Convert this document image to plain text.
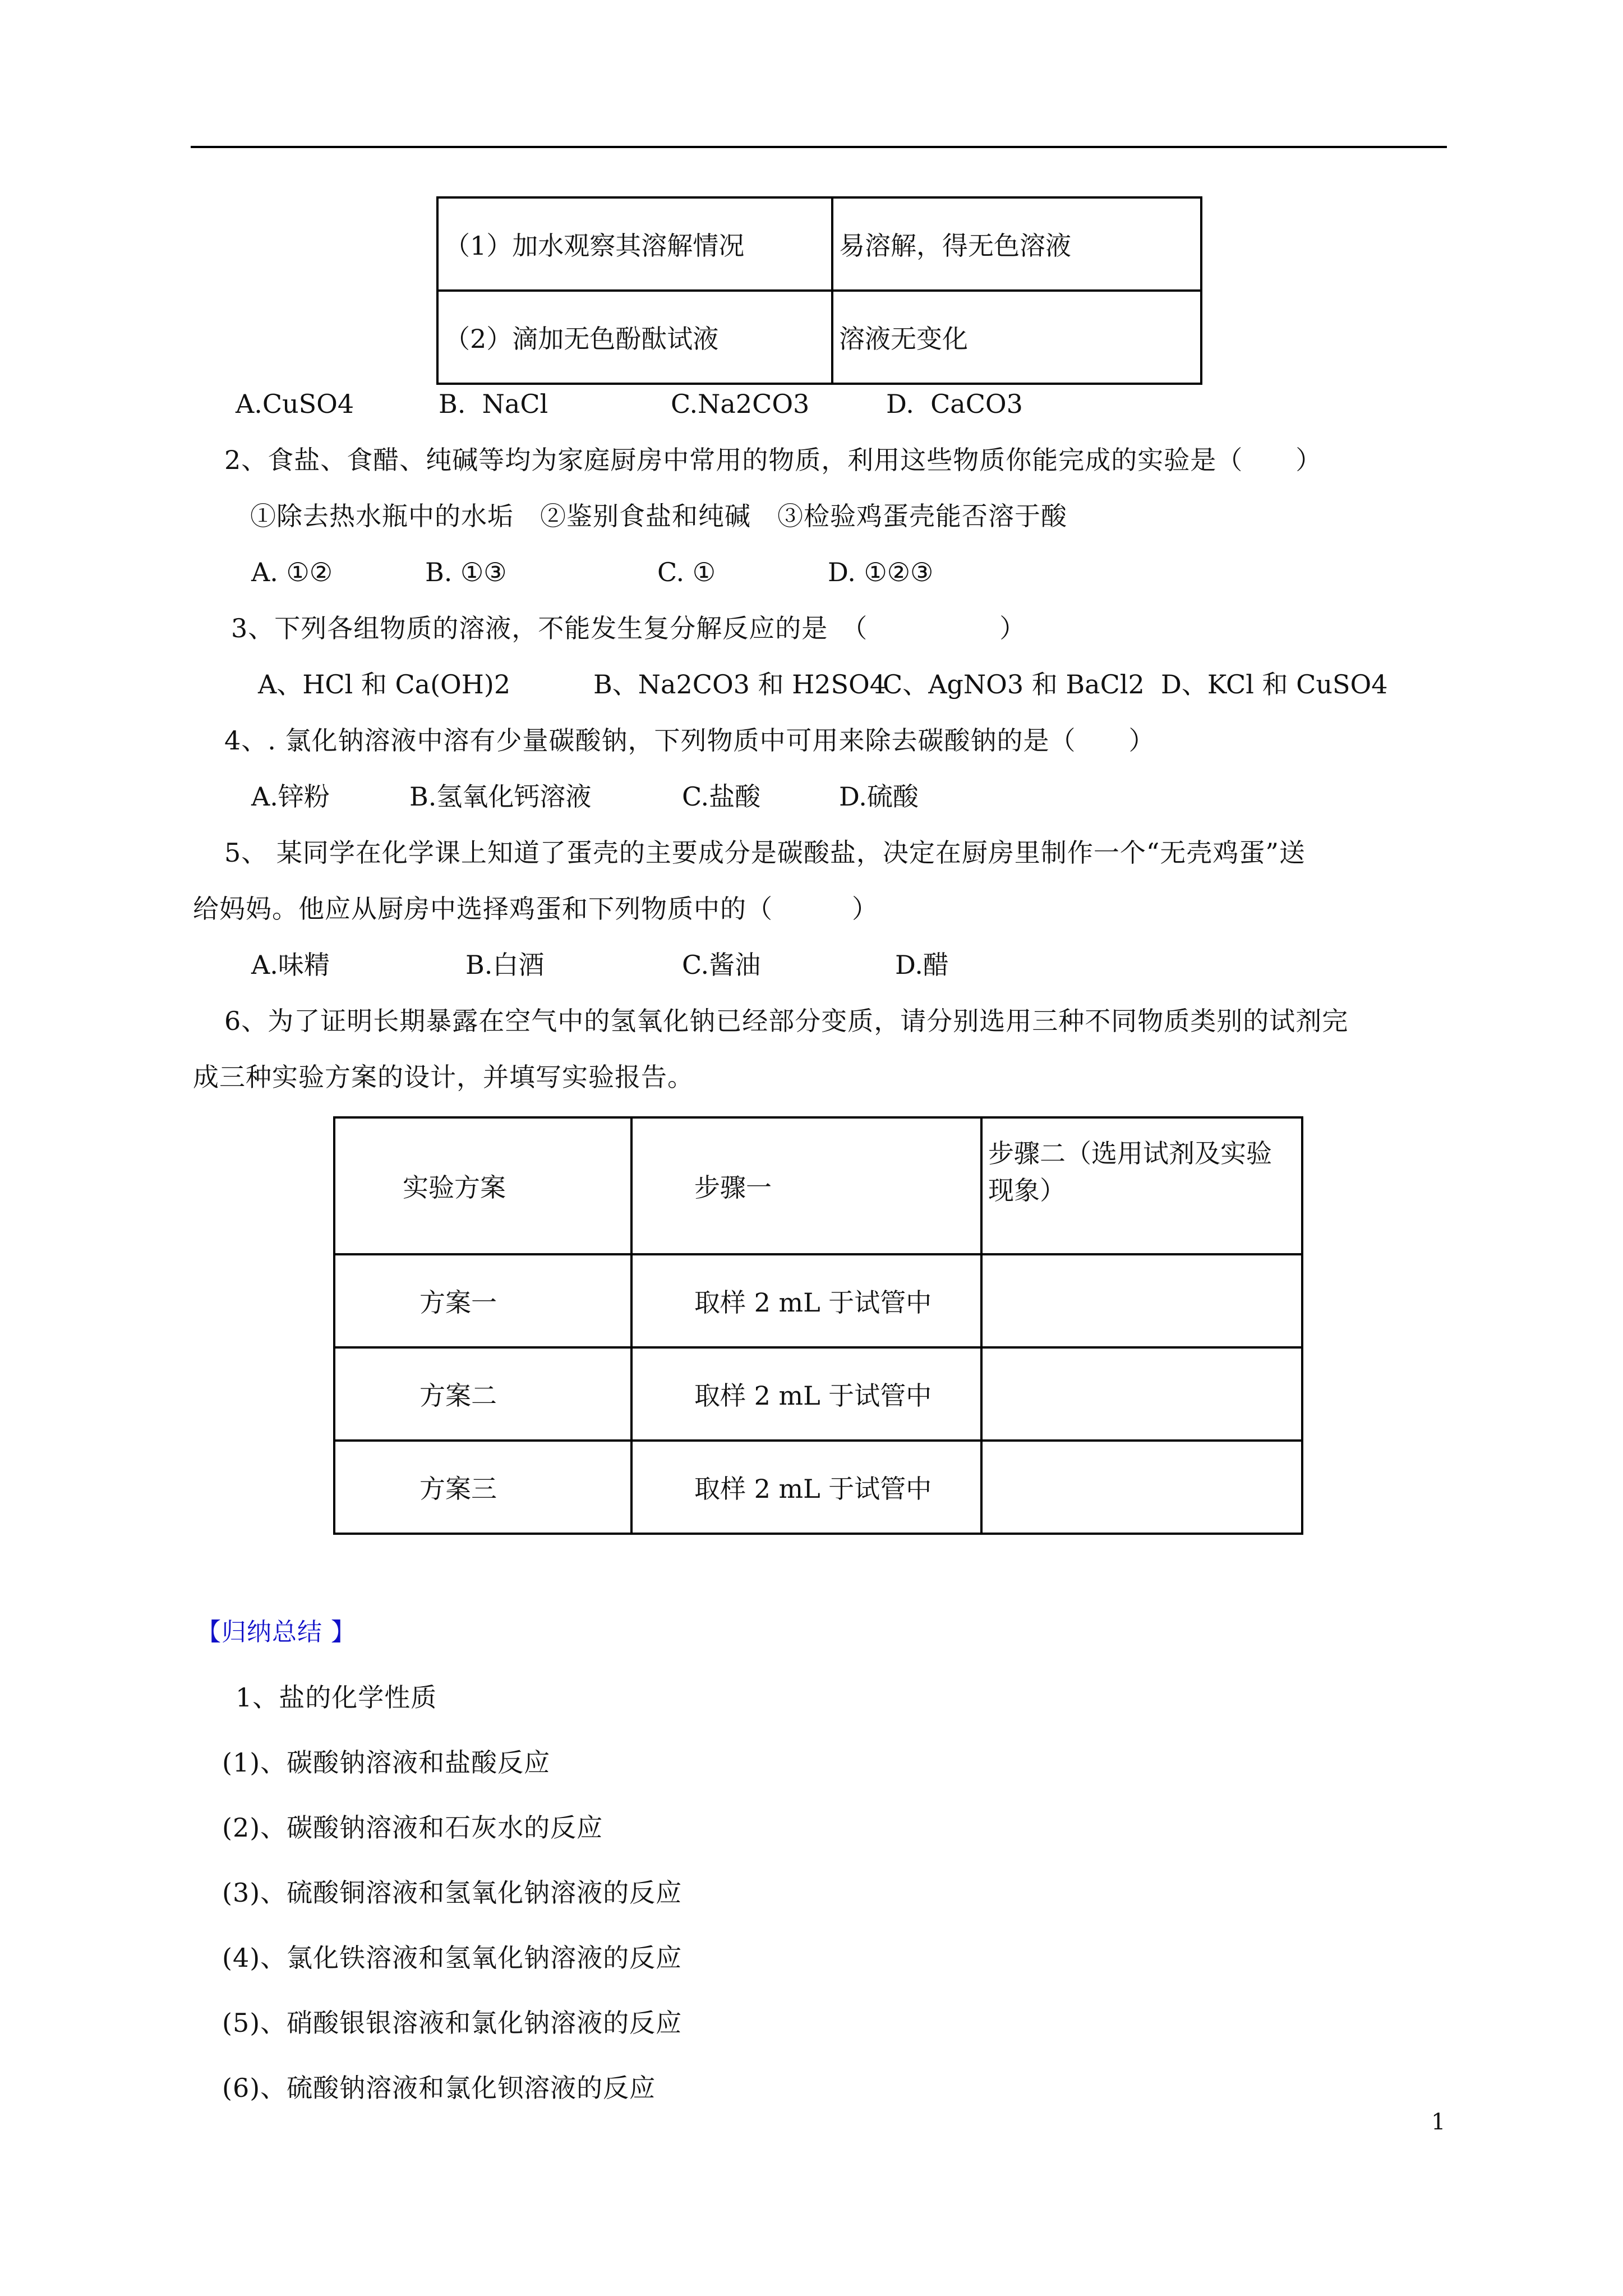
（1）加水观察其溶解情况	易溶解，得无色溶液
（2）滴加无色酚酞试液	溶液无变化
A.CuSO4	B.  NaCl	C.Na2CO3	D.  CaCO3
2、食盐、食醋、纯碱等均为家庭厨房中常用的物质，利用这些物质你能完成的实验是（　　）
①除去热水瓶中的水垢　②鉴别食盐和纯碱　③检验鸡蛋壳能否溶于酸
A. ①②	B. ①③	C. ①	D. ①②③
3、下列各组物质的溶液，不能发生复分解反应的是　（　　　　　）
A、HCl 和 Ca(OH)2	B、Na2CO3 和 H2SO4
C、AgNO3 和 BaCl2 D、KCl 和 CuSO4
4、. 氯化钠溶液中溶有少量碳酸钠，下列物质中可用来除去碳酸钠的是（　　）
A.锌粉	B.氢氧化钙溶液	C.盐酸	D.硫酸
5、 某同学在化学课上知道了蛋壳的主要成分是碳酸盐，决定在厨房里制作一个“无壳鸡蛋”送
给妈妈。他应从厨房中选择鸡蛋和下列物质中的（　　　）
A.味精	B.白酒	C.酱油	D.醋
6、为了证明长期暴露在空气中的氢氧化钠已经部分变质，请分别选用三种不同物质类别的试剂完
成三种实验方案的设计，并填写实验报告。
实验方案	步骤一	步骤二（选用试剂及实验现象）
方案一	取样 2 mL 于试管中	
方案二	取样 2 mL 于试管中	
方案三	取样 2 mL 于试管中	
【归纳总结 】
1、盐的化学性质
(1)、碳酸钠溶液和盐酸反应
(2)、碳酸钠溶液和石灰水的反应
(3)、硫酸铜溶液和氢氧化钠溶液的反应
(4)、氯化铁溶液和氢氧化钠溶液的反应
(5)、硝酸银银溶液和氯化钠溶液的反应
(6)、硫酸钠溶液和氯化钡溶液的反应
1
